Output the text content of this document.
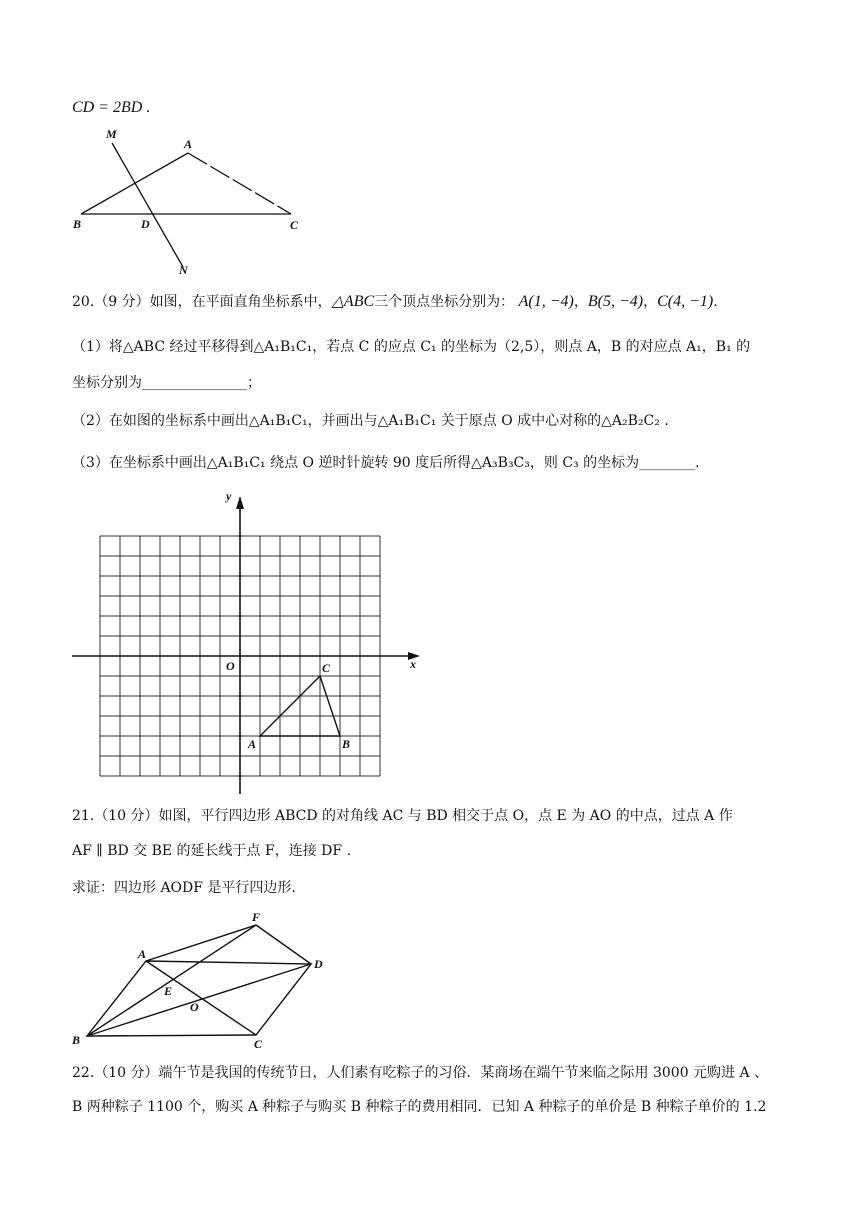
CD = 2BD .
M
A
B	D	C
N
20.（9 分）如图，在平面直角坐标系中，△ABC三个顶点坐标分别为： A(1, −4)，B(5, −4)，C(4, −1).
（1）将△ABC 经过平移得到△A₁B₁C₁，若点 C 的应点 C₁ 的坐标为（2,5），则点 A，B 的对应点 A₁，B₁ 的
坐标分别为_______________；
（2）在如图的坐标系中画出△A₁B₁C₁，并画出与△A₁B₁C₁ 关于原点 O 成中心对称的△A₂B₂C₂ .
（3）在坐标系中画出△A₁B₁C₁ 绕点 O 逆时针旋转 90 度后所得△A₃B₃C₃，则 C₃ 的坐标为________.
y
x
O
A	B
C
21.（10 分）如图，平行四边形 ABCD 的对角线 AC 与 BD 相交于点 O，点 E 为 AO 的中点，过点 A 作
AF ∥ BD 交 BE 的延长线于点 F，连接 DF .
求证：四边形 AODF 是平行四边形.
F
A
D
E
O
B	C
22.（10 分）端午节是我国的传统节日，人们素有吃粽子的习俗．某商场在端午节来临之际用 3000 元购进 A 、
B 两种粽子 1100 个，购买 A 种粽子与购买 B 种粽子的费用相同．已知 A 种粽子的单价是 B 种粽子单价的 1.2
